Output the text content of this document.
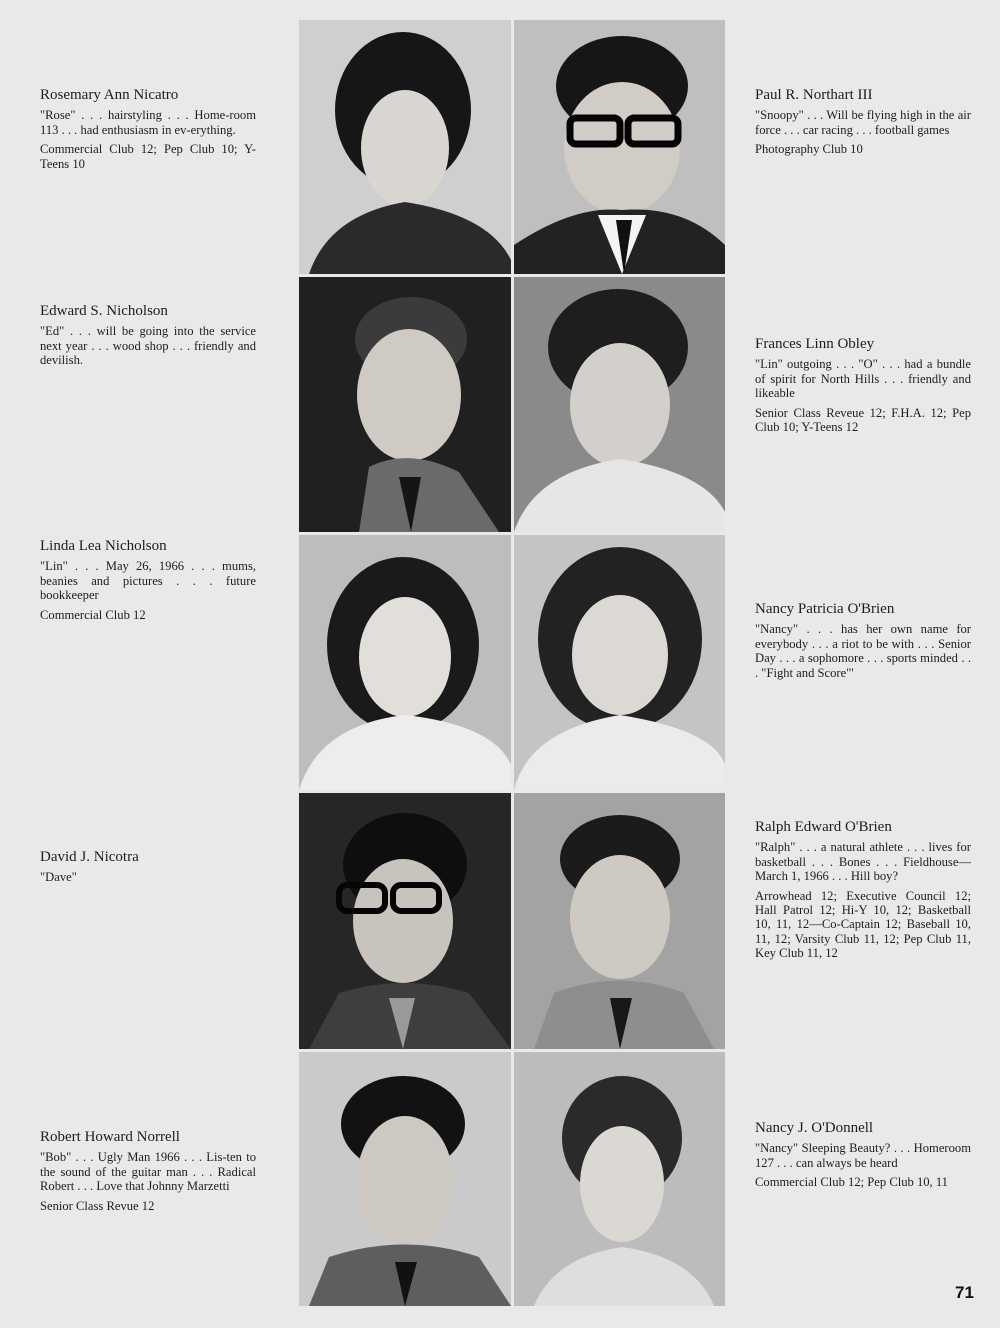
Rosemary Ann Nicatro
"Rose" . . . hairstyling . . . Home-room 113 . . . had enthusiasm in ev-erything.
Commercial Club 12; Pep Club 10; Y-Teens 10
Edward S. Nicholson
"Ed" . . . will be going into the service next year . . . wood shop . . . friendly and devilish.
Linda Lea Nicholson
"Lin" . . . May 26, 1966 . . . mums, beanies and pictures . . . future bookkeeper
Commercial Club 12
David J. Nicotra
"Dave"
Robert Howard Norrell
"Bob" . . . Ugly Man 1966 . . . Lis-ten to the sound of the guitar man . . . Radical Robert . . . Love that Johnny Marzetti
Senior Class Revue 12
Paul R. Northart III
"Snoopy" . . . Will be flying high in the air force . . . car racing . . . football games
Photography Club 10
Frances Linn Obley
"Lin" outgoing . . . "O" . . . had a bundle of spirit for North Hills . . . friendly and likeable
Senior Class Reveue 12; F.H.A. 12; Pep Club 10; Y-Teens 12
Nancy Patricia O'Brien
"Nancy" . . . has her own name for everybody . . . a riot to be with . . . Senior Day . . . a sophomore . . . sports minded . . . "Fight and Score"'
Ralph Edward O'Brien
"Ralph" . . . a natural athlete . . . lives for basketball . . . Bones . . . Fieldhouse—March 1, 1966 . . . Hill boy?
Arrowhead 12; Executive Council 12; Hall Patrol 12; Hi-Y 10, 12; Basketball 10, 11, 12—Co-Captain 12; Baseball 10, 11, 12; Varsity Club 11, 12; Pep Club 11, Key Club 11, 12
Nancy J. O'Donnell
"Nancy" Sleeping Beauty? . . . Homeroom 127 . . . can always be heard
Commercial Club 12; Pep Club 10, 11
71
